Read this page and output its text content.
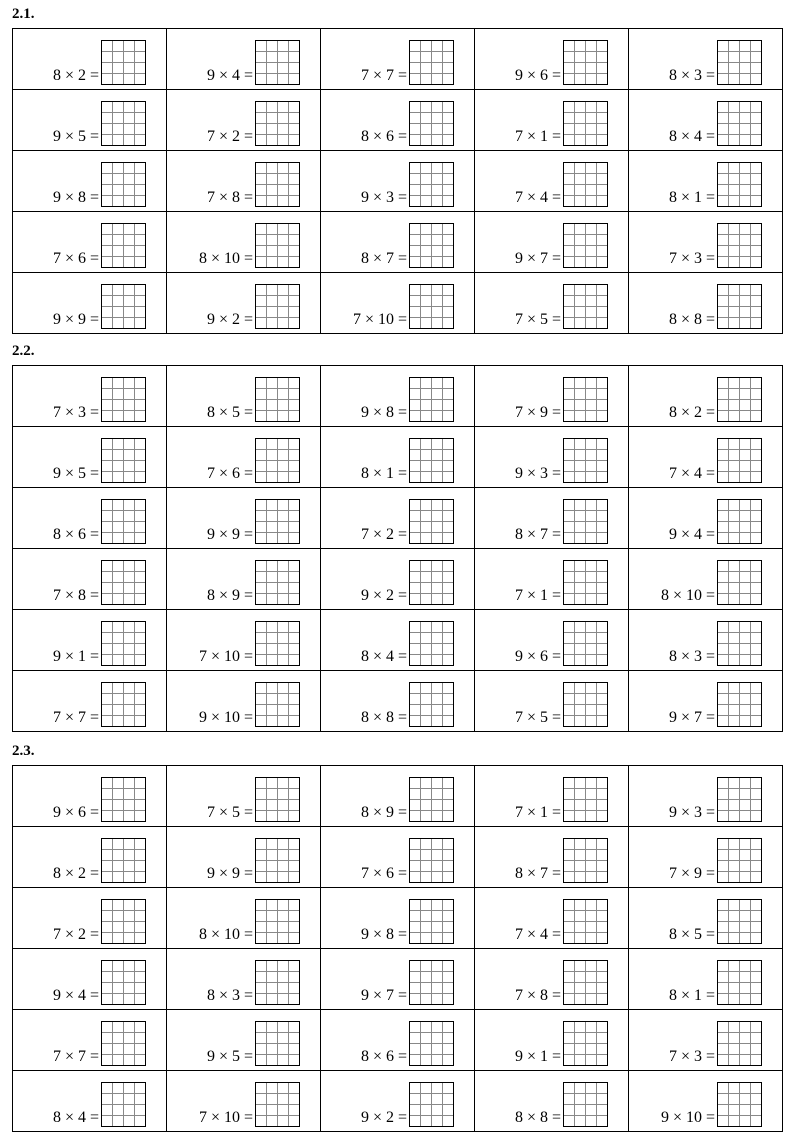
2.1.
8 × 2 =	9 × 4 =	7 × 7 =	9 × 6 =	8 × 3 =

9 × 5 =	7 × 2 =	8 × 6 =	7 × 1 =	8 × 4 =

9 × 8 =	7 × 8 =	9 × 3 =	7 × 4 =	8 × 1 =

7 × 6 =	8 × 10 =	8 × 7 =	9 × 7 =	7 × 3 =

9 × 9 =	9 × 2 =	7 × 10 =	7 × 5 =	8 × 8 =
2.2.
7 × 3 =	8 × 5 =	9 × 8 =	7 × 9 =	8 × 2 =

9 × 5 =	7 × 6 =	8 × 1 =	9 × 3 =	7 × 4 =

8 × 6 =	9 × 9 =	7 × 2 =	8 × 7 =	9 × 4 =

7 × 8 =	8 × 9 =	9 × 2 =	7 × 1 =	8 × 10 =

9 × 1 =	7 × 10 =	8 × 4 =	9 × 6 =	8 × 3 =

7 × 7 =	9 × 10 =	8 × 8 =	7 × 5 =	9 × 7 =
2.3.
9 × 6 =	7 × 5 =	8 × 9 =	7 × 1 =	9 × 3 =

8 × 2 =	9 × 9 =	7 × 6 =	8 × 7 =	7 × 9 =

7 × 2 =	8 × 10 =	9 × 8 =	7 × 4 =	8 × 5 =

9 × 4 =	8 × 3 =	9 × 7 =	7 × 8 =	8 × 1 =

7 × 7 =	9 × 5 =	8 × 6 =	9 × 1 =	7 × 3 =

8 × 4 =	7 × 10 =	9 × 2 =	8 × 8 =	9 × 10 =
